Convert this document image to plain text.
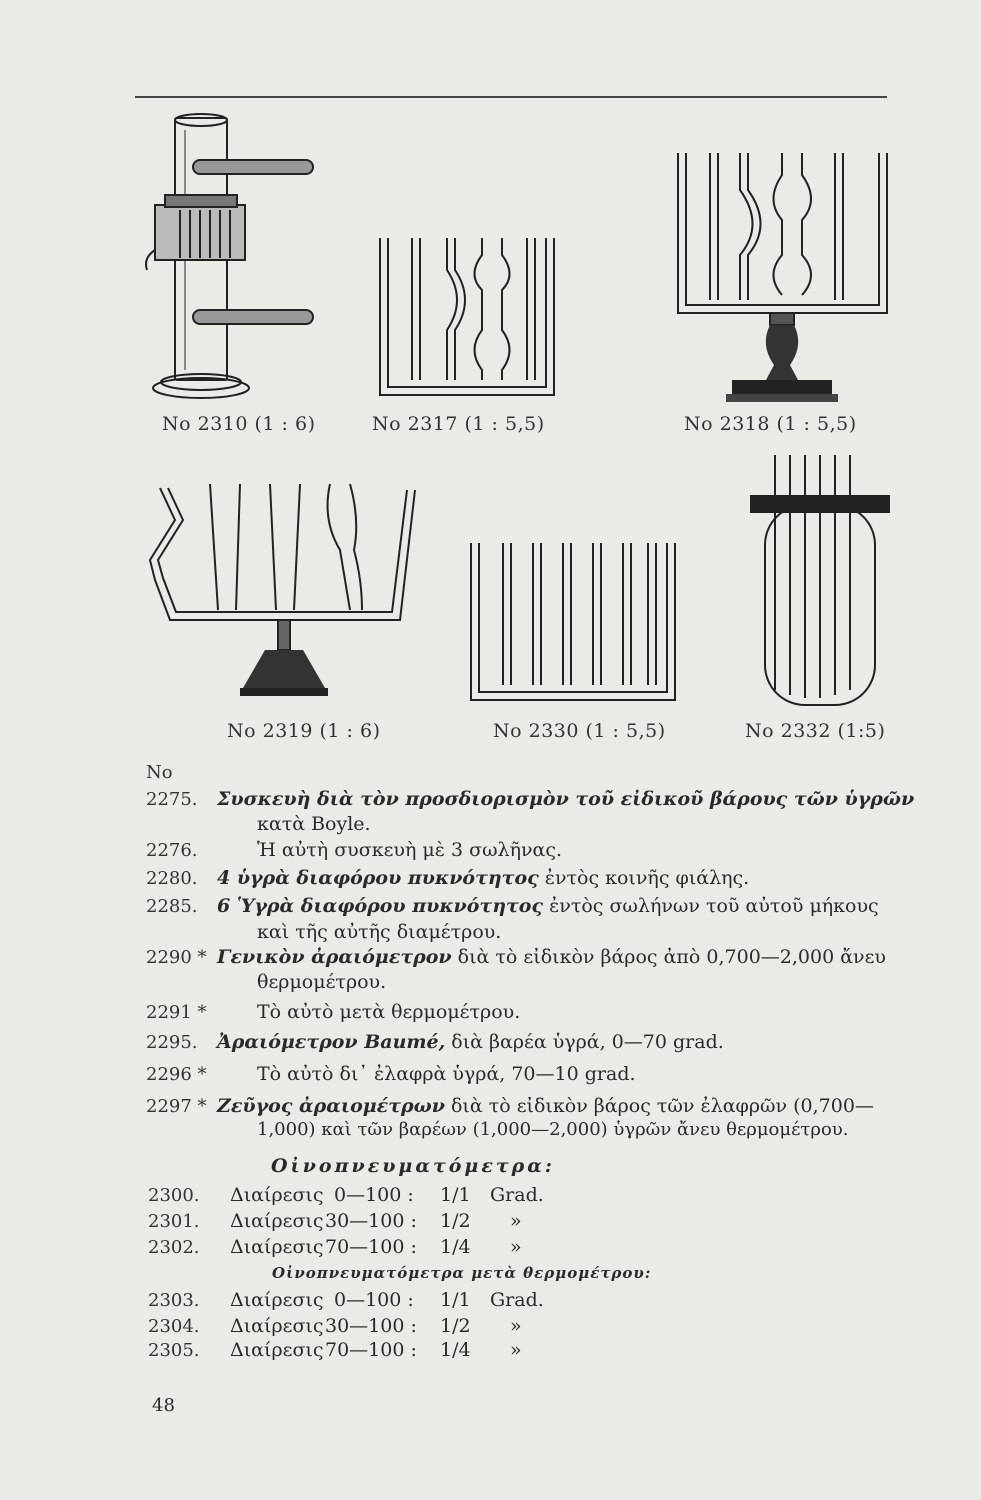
No 2310 (1 : 6)	No 2317 (1 : 5,5)	No 2318 (1 : 5,5)
No 2319 (1 : 6)	No 2330 (1 : 5,5)	No 2332 (1:5)
No
2275. Συσκευὴ διὰ τὸν προσδιορισμὸν τοῦ εἰδικοῦ βάρους τῶν ὑγρῶν
κατὰ Boyle.
2276.	Ἡ αὐτὴ συσκευὴ μὲ 3 σωλῆνας.
2280. 4 ὑγρὰ διαφόρου πυκνότητος ἐντὸς κοινῆς φιάλης.
2285. 6 Ὑγρὰ διαφόρου πυκνότητος ἐντὸς σωλήνων τοῦ αὐτοῦ μήκους
καὶ τῆς αὐτῆς διαμέτρου.
2290 * Γενικὸν ἀραιόμετρον διὰ τὸ εἰδικὸν βάρος ἀπὸ 0,700—2,000 ἄνευ
θερμομέτρου.
2291 *	Τὸ αὐτὸ μετὰ θερμομέτρου.
2295. Ἀραιόμετρον Baumé, διὰ βαρέα ὑγρά, 0—70 grad.
2296 *	Τὸ αὐτὸ δι᾽ ἐλαφρὰ ὑγρά, 70—10 grad.
2297 * Ζεῦγος ἀραιομέτρων διὰ τὸ εἰδικὸν βάρος τῶν ἐλαφρῶν (0,700—
1,000) καὶ τῶν βαρέων (1,000—2,000) ὑγρῶν ἄνευ θερμομέτρου.
Οἰνοπνευματόμετρα:
2300. Διαίρεσις 0—100 : 1/1 Grad.
2301. Διαίρεσις 30—100 : 1/2 »
2302. Διαίρεσις 70—100 : 1/4 »
Οἰνοπνευματόμετρα μετὰ θερμομέτρου:
2303. Διαίρεσις 0—100 : 1/1 Grad.
2304. Διαίρεσις 30—100 : 1/2 »
2305. Διαίρεσις 70—100 : 1/4 »
48
